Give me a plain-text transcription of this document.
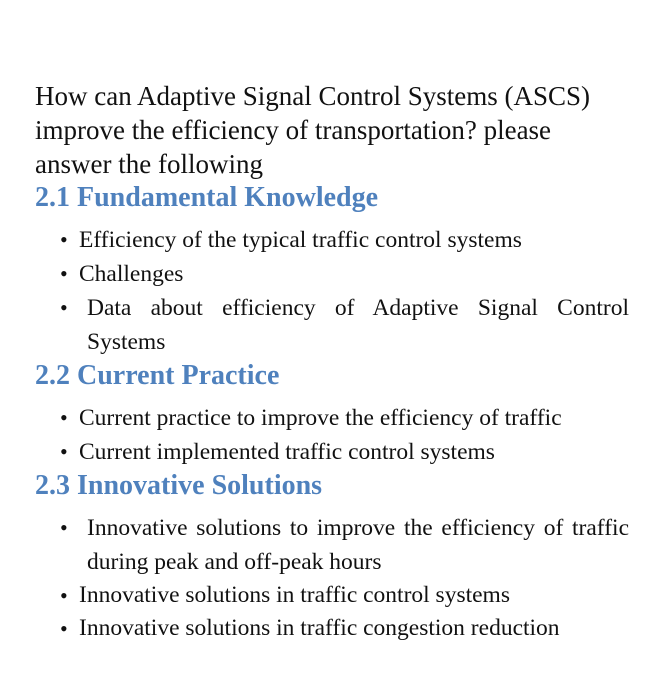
How can Adaptive Signal Control Systems (ASCS)
improve the efficiency of transportation? please
answer the following

2.1 Fundamental Knowledge
• Efficiency of the typical traffic control systems
• Challenges
• Data about efficiency of Adaptive Signal Control Systems
2.2 Current Practice
• Current practice to improve the efficiency of traffic
• Current implemented traffic control systems
2.3 Innovative Solutions
• Innovative solutions to improve the efficiency of traffic during peak and off-peak hours
• Innovative solutions in traffic control systems
• Innovative solutions in traffic congestion reduction
